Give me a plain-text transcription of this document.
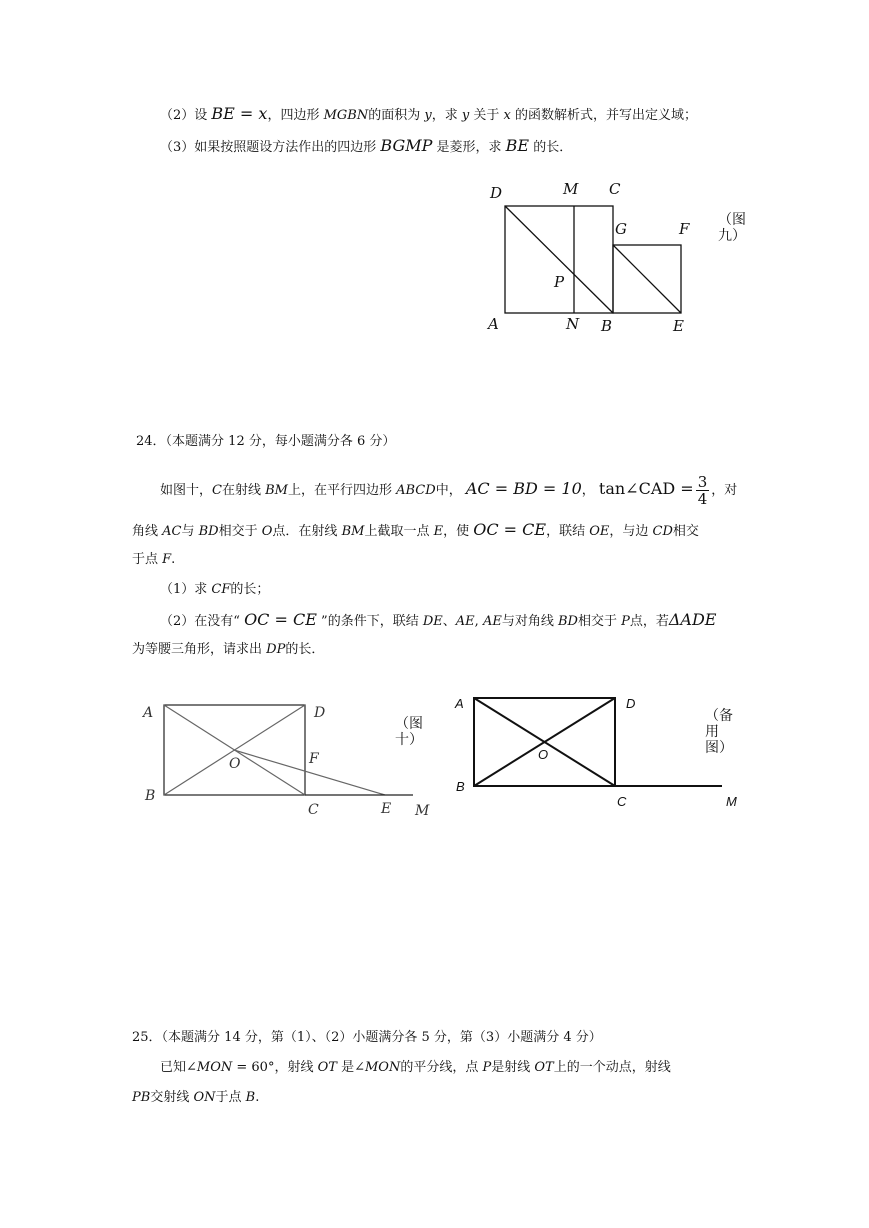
（2）设 BE = x，四边形 MGBN的面积为 y，求 y 关于 x 的函数解析式，并写出定义域；
（3）如果按照题设方法作出的四边形 BGMP 是菱形，求 BE 的长．
D	M C
G	F
P
A	N B	E
（图九）
24．（本题满分 12 分，每小题满分各 6 分）
如图十，C在射线 BM上，在平行四边形 ABCD中， AC = BD = 10， tan∠CAD = $\frac{3}{4}$ ，对
角线 AC与 BD相交于 O点．在射线 BM上截取一点 E，使 OC = CE，联结 OE，与边 CD相交
于点 F.
（1）求 CF的长；
（2）在没有“ OC = CE ”的条件下，联结 DE、AE, AE与对角线 BD相交于 P点，若ΔADE
为等腰三角形，请求出 DP的长．
A	D
O	F
B
C	E M
（图十）
A	D
O
B
C	M
（备用图）
25．（本题满分 14 分，第（1）、（2）小题满分各 5 分，第（3）小题满分 4 分）
已知∠MON = 60°，射线 OT 是∠MON的平分线，点 P是射线 OT上的一个动点，射线
PB交射线 ON于点 B.
